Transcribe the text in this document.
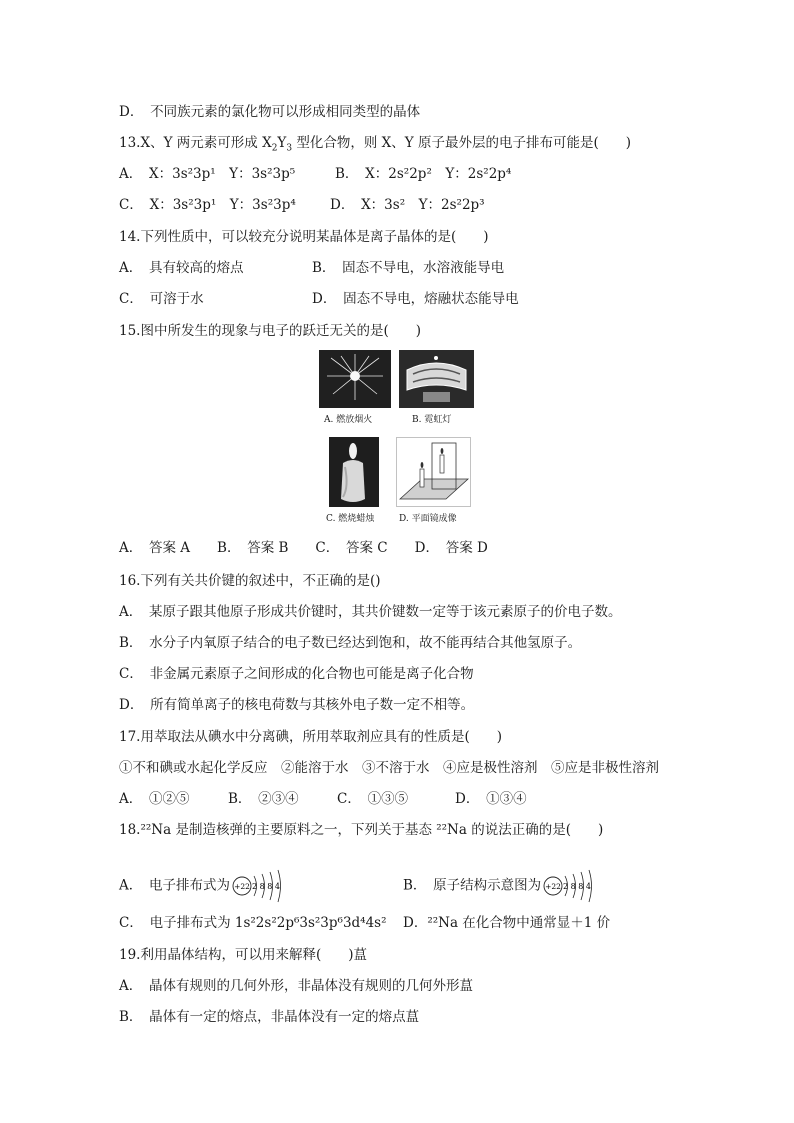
D．　不同族元素的氯化物可以形成相同类型的晶体
13.X、Y 两元素可形成 $X_2Y_3$ 型化合物，则 X、Y 原子最外层的电子排布可能是(　　)
A．　X：3s²3p¹　Y：3s²3p⁵	B．　X：2s²2p²　Y：2s²2p⁴
C．　X：3s²3p¹　Y：3s²3p⁴	D．　X：3s²　Y：2s²2p³
14.下列性质中，可以较充分说明某晶体是离子晶体的是(　　)
A．　具有较高的熔点	B．　固态不导电，水溶液能导电
C．　可溶于水	D．　固态不导电，熔融状态能导电
15.图中所发生的现象与电子的跃迁无关的是(　　)
A. 燃放烟火	B. 霓虹灯
C. 燃烧蜡烛	D. 平面镜成像
A．　答案 A　　B．　答案 B　　C．　答案 C　　D．　答案 D
16.下列有关共价键的叙述中，不正确的是()
A．　某原子跟其他原子形成共价键时，其共价键数一定等于该元素原子的价电子数。
B．　水分子内氧原子结合的电子数已经达到饱和，故不能再结合其他氢原子。
C．　非金属元素原子之间形成的化合物也可能是离子化合物
D．　所有简单离子的核电荷数与其核外电子数一定不相等。
17.用萃取法从碘水中分离碘，所用萃取剂应具有的性质是(　　)
①不和碘或水起化学反应　②能溶于水　③不溶于水　④应是极性溶剂　⑤应是非极性溶剂
A．　①②⑤	B．　②③④	C．　①③⑤	D．　①③④
18.²²Na 是制造核弹的主要原料之一，下列关于基态 ²²Na 的说法正确的是(　　)
A．　电子排布式为 +22 2 8 8 4	B．　原子结构示意图为 +22 2 8 8 4
C．　电子排布式为 1s²2s²2p⁶3s²3p⁶3d⁴4s² D．²²Na 在化合物中通常显＋1 价
19.利用晶体结构，可以用来解释(　　)蒀
A．　晶体有规则的几何外形，非晶体没有规则的几何外形蒀
B．　晶体有一定的熔点，非晶体没有一定的熔点蒀
